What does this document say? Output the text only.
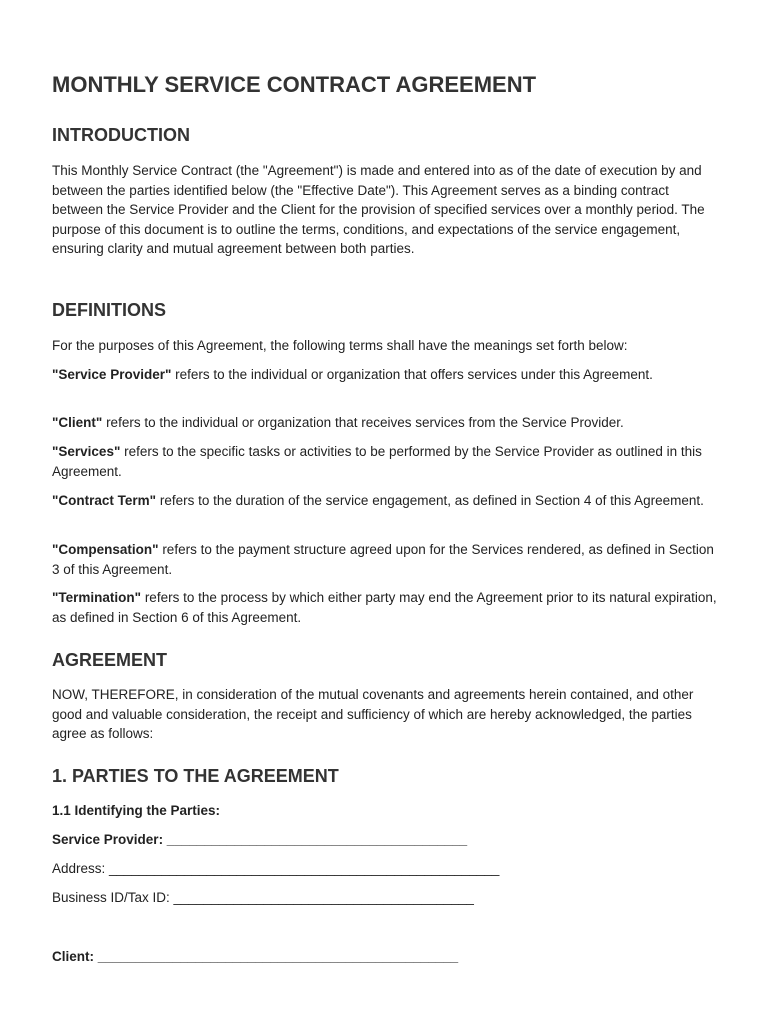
MONTHLY SERVICE CONTRACT AGREEMENT
INTRODUCTION

This Monthly Service Contract (the "Agreement") is made and entered into as of the date of execution by and between the parties identified below (the "Effective Date"). This Agreement serves as a binding contract between the Service Provider and the Client for the provision of specified services over a monthly period. The purpose of this document is to outline the terms, conditions, and expectations of the service engagement, ensuring clarity and mutual agreement between both parties.

DEFINITIONS

For the purposes of this Agreement, the following terms shall have the meanings set forth below:

"Service Provider" refers to the individual or organization that offers services under this Agreement.

"Client" refers to the individual or organization that receives services from the Service Provider.

"Services" refers to the specific tasks or activities to be performed by the Service Provider as outlined in this Agreement.

"Contract Term" refers to the duration of the service engagement, as defined in Section 4 of this Agreement.

"Compensation" refers to the payment structure agreed upon for the Services rendered, as defined in Section 3 of this Agreement.

"Termination" refers to the process by which either party may end the Agreement prior to its natural expiration, as defined in Section 6 of this Agreement.

AGREEMENT

NOW, THEREFORE, in consideration of the mutual covenants and agreements herein contained, and other good and valuable consideration, the receipt and sufficiency of which are hereby acknowledged, the parties agree as follows:

1. PARTIES TO THE AGREEMENT
1.1 Identifying the Parties:
Service Provider: ________________________________________
Address: ____________________________________________________
Business ID/Tax ID: ________________________________________
Client: ________________________________________________
